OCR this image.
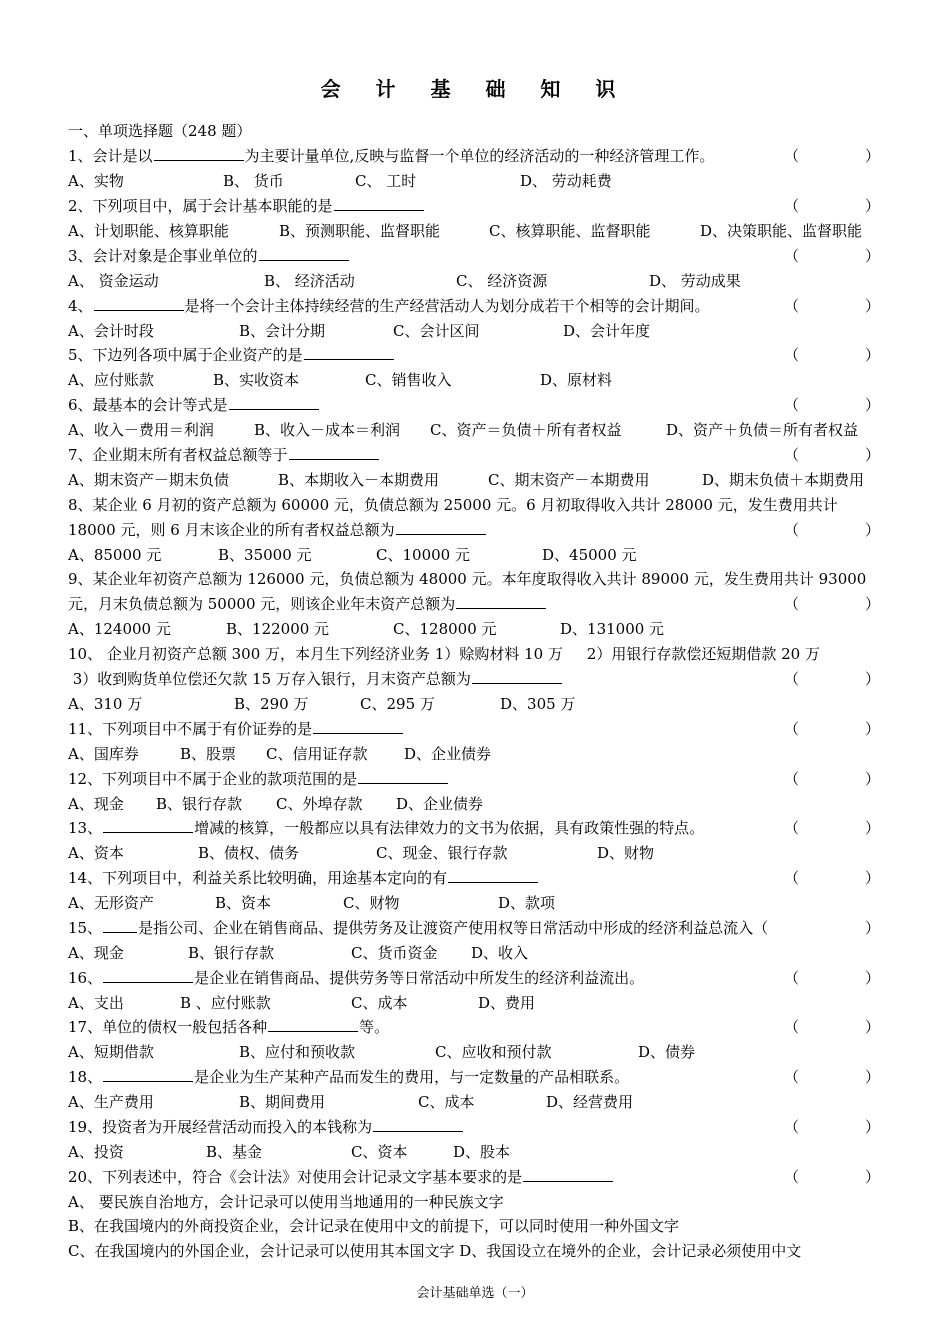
会 计 基 础 知 识
一、单项选择题（248 题）
1、会计是以	为主要计量单位,反映与监督一个单位的经济活动的一种经济管理工作。	（	）
A、实物	B、 货币	C、 工时	D、 劳动耗费
2、下列项目中，属于会计基本职能的是	（	）
A、计划职能、核算职能	B、预测职能、监督职能	C、核算职能、监督职能	D、决策职能、监督职能
3、会计对象是企事业单位的	（	）
A、 资金运动	B、 经济活动	C、 经济资源	D、 劳动成果
4、	是将一个会计主体持续经营的生产经营活动人为划分成若干个相等的会计期间。	（	）
A、会计时段	B、会计分期	C、会计区间	D、会计年度
5、下边列各项中属于企业资产的是	（	）
A、应付账款	B、实收资本	C、销售收入	D、原材料
6、最基本的会计等式是	（	）
A、收入－费用＝利润	B、收入－成本＝利润 C、资产＝负债＋所有者权益	D、资产＋负债＝所有者权益
7、企业期末所有者权益总额等于	（	）
A、期末资产－期末负债	B、本期收入－本期费用	C、期末资产－本期费用	D、期末负债＋本期费用
8、某企业 6 月初的资产总额为 60000 元，负债总额为 25000 元。6 月初取得收入共计 28000 元，发生费用共计
18000 元，则 6 月末该企业的所有者权益总额为	（	）
A、85000 元	B、35000 元	C、10000 元	D、45000 元
9、某企业年初资产总额为 126000 元，负债总额为 48000 元。本年度取得收入共计 89000 元，发生费用共计 93000
元，月末负债总额为 50000 元，则该企业年末资产总额为	（	）
A、124000 元	B、122000 元	C、128000 元	D、131000 元
10、 企业月初资产总额 300 万，本月生下列经济业务 1）赊购材料 10 万     2）用银行存款偿还短期借款 20 万
3）收到购货单位偿还欠款 15 万存入银行，月末资产总额为	（	）
A、310 万	B、290 万	C、295 万	D、305 万
11、下列项目中不属于有价证券的是	（	）
A、国库券	B、股票 C、信用证存款 D、企业债券
12、下列项目中不属于企业的款项范围的是	（	）
A、现金 B、银行存款 C、外埠存款 D、企业债券
13、	增减的核算，一般都应以具有法律效力的文书为依据，具有政策性强的特点。	（	）
A、资本	B、债权、债务	C、现金、银行存款	D、财物
14、下列项目中，利益关系比较明确，用途基本定向的有	（	）
A、无形资产	B、资本	C、财物	D、款项
15、 是指公司、企业在销售商品、提供劳务及让渡资产使用权等日常活动中形成的经济利益总流入（	）
A、现金	B、银行存款	C、货币资金 D、收入
16、	是企业在销售商品、提供劳务等日常活动中所发生的经济利益流出。	（	）
A、支出	B 、应付账款	C、成本	D、费用
17、单位的债权一般包括各种	等。	（	）
A、短期借款	B、应付和预收款	C、应收和预付款	D、债券
18、	是企业为生产某种产品而发生的费用，与一定数量的产品相联系。	（	）
A、生产费用	B、期间费用	C、成本	D、经营费用
19、投资者为开展经营活动而投入的本钱称为	（	）
A、投资	B、基金	C、资本	D、股本
20、下列表述中，符合《会计法》对使用会计记录文字基本要求的是	（	）
A、 要民族自治地方，会计记录可以使用当地通用的一种民族文字
B、在我国境内的外商投资企业，会计记录在使用中文的前提下，可以同时使用一种外国文字
C、在我国境内的外国企业，会计记录可以使用其本国文字 D、我国设立在境外的企业，会计记录必须使用中文
会计基础单选（一）
